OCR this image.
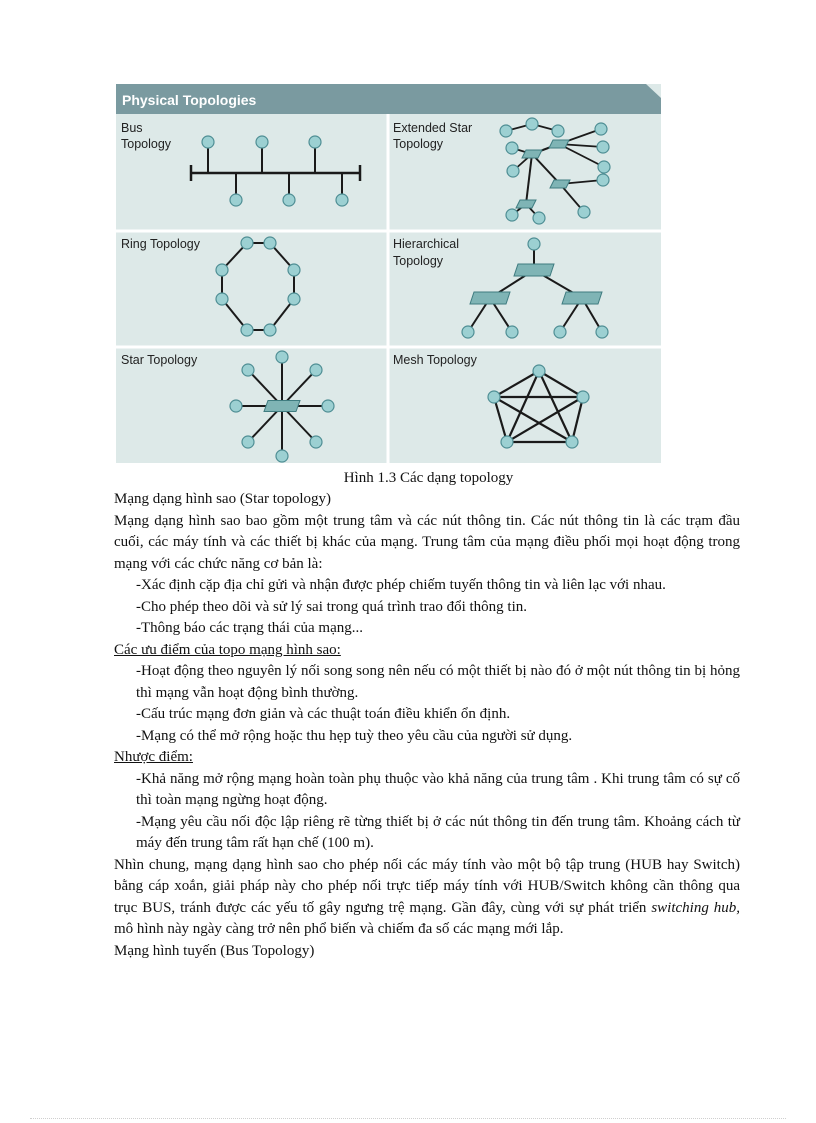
Physical Topologies
Bus
Topology
Extended Star
Topology
Ring Topology	Hierarchical
Topology
Star Topology	Mesh Topology
Hình 1.3 Các dạng topology

Mạng dạng hình sao (Star topology)

Mạng dạng hình sao bao gồm một trung tâm và các nút thông tin. Các nút thông tin là các trạm đầu cuối, các máy tính và các thiết bị khác của mạng. Trung tâm của mạng điều phối mọi hoạt động trong mạng với các chức năng cơ bản là:

-Xác định cặp địa chỉ gửi và nhận được phép chiếm tuyến thông tin và liên lạc với nhau.

-Cho phép theo dõi và sử lý sai trong quá trình trao đổi thông tin.

-Thông báo các trạng thái của mạng...

Các ưu điểm của topo mạng hình sao:

-Hoạt động theo nguyên lý nối song song nên nếu có một thiết bị nào đó ở một nút thông tin bị hỏng thì mạng vẫn hoạt động bình thường.

-Cấu trúc mạng đơn giản và các thuật toán điều khiển ổn định.

-Mạng có thể mở rộng hoặc thu hẹp tuỳ theo yêu cầu của người sử dụng.

Nhược điểm:

-Khả năng mở rộng mạng hoàn toàn phụ thuộc vào khả năng của trung tâm . Khi trung tâm có sự cố thì toàn mạng ngừng hoạt động.

-Mạng yêu cầu nối độc lập riêng rẽ từng thiết bị ở các nút thông tin đến trung tâm. Khoảng cách từ máy đến trung tâm rất hạn chế (100 m).

Nhìn chung, mạng dạng hình sao cho phép nối các máy tính vào một bộ tập trung (HUB hay Switch) bằng cáp xoắn, giải pháp này cho phép nối trực tiếp máy tính với HUB/Switch không cần thông qua trục BUS, tránh được các yếu tố gây ngưng trệ mạng. Gần đây, cùng với sự phát triển switching hub, mô hình này ngày càng trở nên phổ biến và chiếm đa số các mạng mới lắp.

Mạng hình tuyến (Bus Topology)
